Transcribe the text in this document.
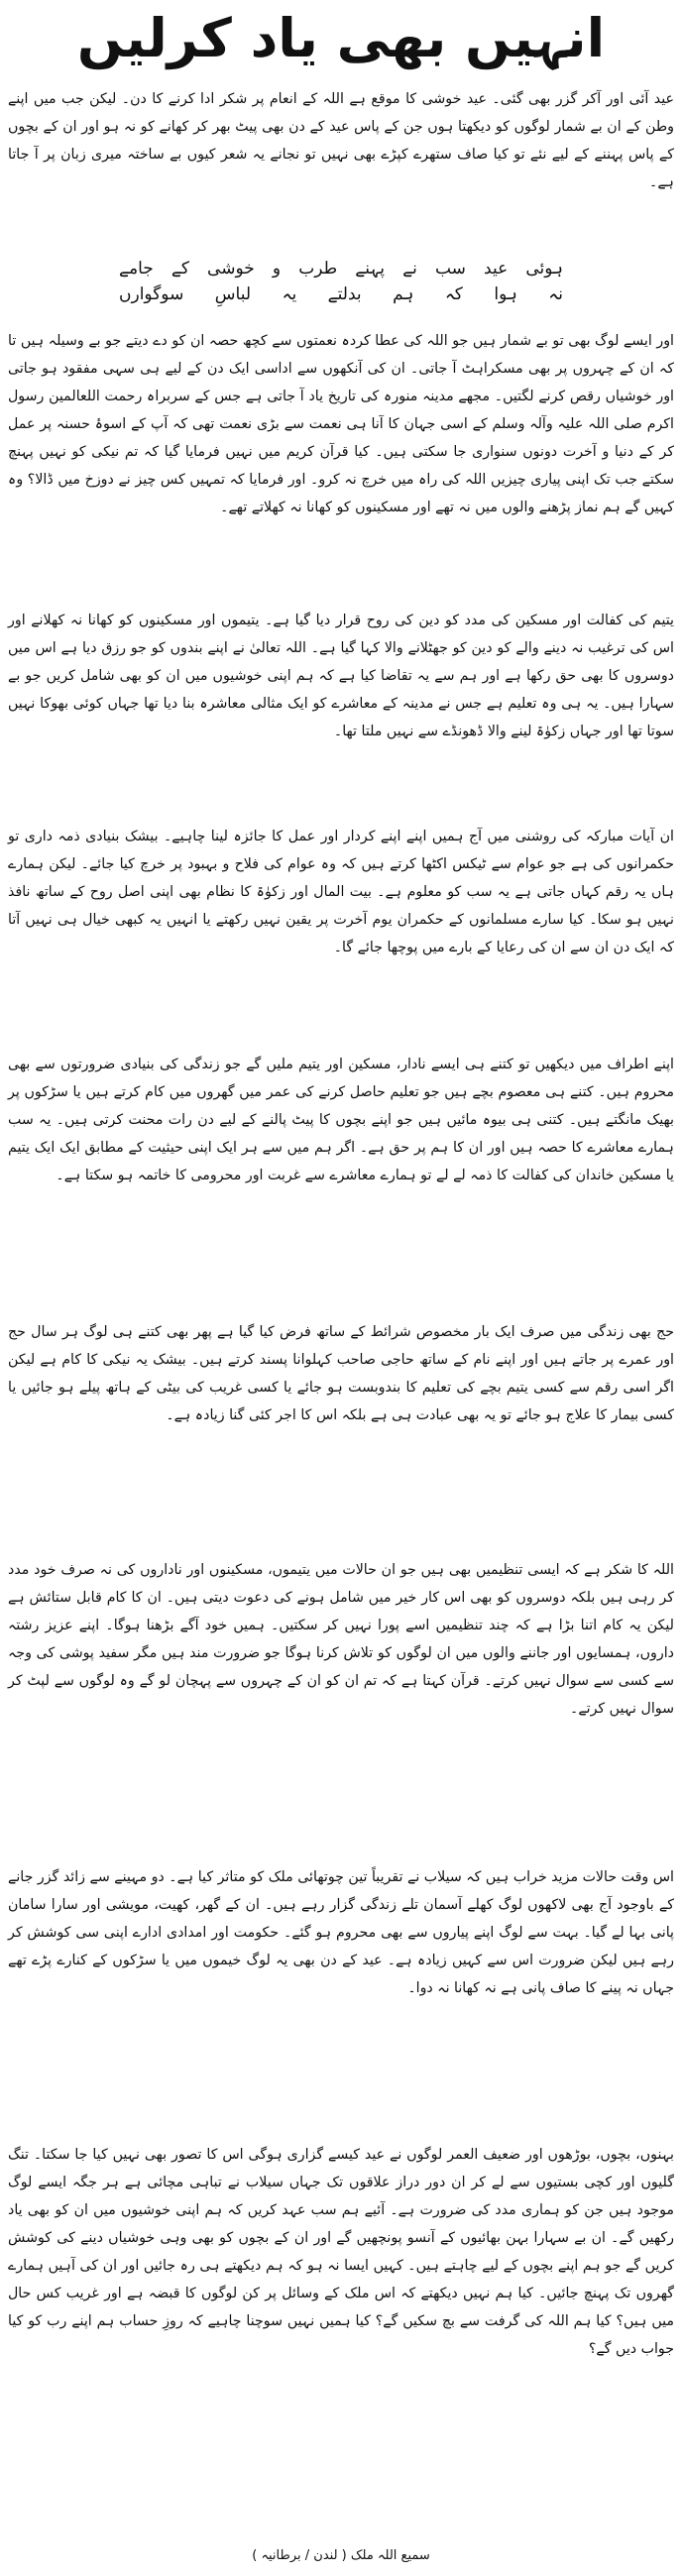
انہیں بھی یاد کرلیں

عید آئی اور آکر گزر بھی گئی۔ عید خوشی کا موقع ہے اللہ کے انعام پر شکر ادا کرنے کا دن۔ لیکن جب میں اپنے وطن کے ان بے شمار لوگوں کو دیکھتا ہوں جن کے پاس عید کے دن بھی پیٹ بھر کر کھانے کو نہ ہو اور ان کے بچوں کے پاس پہننے کے لیے نئے تو کیا صاف ستھرے کپڑے بھی نہیں تو نجانے یہ شعر کیوں بے ساختہ میری زبان پر آ جاتا ہے۔

ہوئی عید سب نے پہنے طرب و خوشی کے جامے
نہ ہوا کہ ہم بدلتے یہ لباسِ سوگوارں

اور ایسے لوگ بھی تو بے شمار ہیں جو اللہ کی عطا کردہ نعمتوں سے کچھ حصہ ان کو دے دیتے جو بے وسیلہ ہیں تا کہ ان کے چہروں پر بھی مسکراہٹ آ جاتی۔ ان کی آنکھوں سے اداسی ایک دن کے لیے ہی سہی مفقود ہو جاتی اور خوشیاں رقص کرنے لگتیں۔ مجھے مدینہ منورہ کی تاریخ یاد آ جاتی ہے جس کے سربراہ رحمت اللعالمین رسول اکرم صلی اللہ علیہ وآلہ وسلم کے اسی جہان کا آنا ہی نعمت سے بڑی نعمت تھی کہ آپ کے اسوۂ حسنہ پر عمل کر کے دنیا و آخرت دونوں سنواری جا سکتی ہیں۔ کیا قرآن کریم میں نہیں فرمایا گیا کہ تم نیکی کو نہیں پہنچ سکتے جب تک اپنی پیاری چیزیں اللہ کی راہ میں خرچ نہ کرو۔ اور فرمایا کہ تمہیں کس چیز نے دوزخ میں ڈالا؟ وہ کہیں گے ہم نماز پڑھنے والوں میں نہ تھے اور مسکینوں کو کھانا نہ کھلاتے تھے۔

یتیم کی کفالت اور مسکین کی مدد کو دین کی روح قرار دیا گیا ہے۔ یتیموں اور مسکینوں کو کھانا نہ کھلانے اور اس کی ترغیب نہ دینے والے کو دین کو جھٹلانے والا کہا گیا ہے۔ اللہ تعالیٰ نے اپنے بندوں کو جو رزق دیا ہے اس میں دوسروں کا بھی حق رکھا ہے اور ہم سے یہ تقاضا کیا ہے کہ ہم اپنی خوشیوں میں ان کو بھی شامل کریں جو بے سہارا ہیں۔ یہ ہی وہ تعلیم ہے جس نے مدینہ کے معاشرے کو ایک مثالی معاشرہ بنا دیا تھا جہاں کوئی بھوکا نہیں سوتا تھا اور جہاں زکوٰۃ لینے والا ڈھونڈے سے نہیں ملتا تھا۔

ان آیات مبارکہ کی روشنی میں آج ہمیں اپنے اپنے کردار اور عمل کا جائزہ لینا چاہیے۔ بیشک بنیادی ذمہ داری تو حکمرانوں کی ہے جو عوام سے ٹیکس اکٹھا کرتے ہیں کہ وہ عوام کی فلاح و بہبود پر خرچ کیا جائے۔ لیکن ہمارے ہاں یہ رقم کہاں جاتی ہے یہ سب کو معلوم ہے۔ بیت المال اور زکوٰۃ کا نظام بھی اپنی اصل روح کے ساتھ نافذ نہیں ہو سکا۔ کیا سارے مسلمانوں کے حکمران یوم آخرت پر یقین نہیں رکھتے یا انہیں یہ کبھی خیال ہی نہیں آتا کہ ایک دن ان سے ان کی رعایا کے بارے میں پوچھا جائے گا۔

اپنے اطراف میں دیکھیں تو کتنے ہی ایسے نادار، مسکین اور یتیم ملیں گے جو زندگی کی بنیادی ضرورتوں سے بھی محروم ہیں۔ کتنے ہی معصوم بچے ہیں جو تعلیم حاصل کرنے کی عمر میں گھروں میں کام کرتے ہیں یا سڑکوں پر بھیک مانگتے ہیں۔ کتنی ہی بیوہ مائیں ہیں جو اپنے بچوں کا پیٹ پالنے کے لیے دن رات محنت کرتی ہیں۔ یہ سب ہمارے معاشرے کا حصہ ہیں اور ان کا ہم پر حق ہے۔ اگر ہم میں سے ہر ایک اپنی حیثیت کے مطابق ایک ایک یتیم یا مسکین خاندان کی کفالت کا ذمہ لے لے تو ہمارے معاشرے سے غربت اور محرومی کا خاتمہ ہو سکتا ہے۔

حج بھی زندگی میں صرف ایک بار مخصوص شرائط کے ساتھ فرض کیا گیا ہے پھر بھی کتنے ہی لوگ ہر سال حج اور عمرے پر جاتے ہیں اور اپنے نام کے ساتھ حاجی صاحب کہلوانا پسند کرتے ہیں۔ بیشک یہ نیکی کا کام ہے لیکن اگر اسی رقم سے کسی یتیم بچے کی تعلیم کا بندوبست ہو جائے یا کسی غریب کی بیٹی کے ہاتھ پیلے ہو جائیں یا کسی بیمار کا علاج ہو جائے تو یہ بھی عبادت ہی ہے بلکہ اس کا اجر کئی گنا زیادہ ہے۔

اللہ کا شکر ہے کہ ایسی تنظیمیں بھی ہیں جو ان حالات میں یتیموں، مسکینوں اور ناداروں کی نہ صرف خود مدد کر رہی ہیں بلکہ دوسروں کو بھی اس کار خیر میں شامل ہونے کی دعوت دیتی ہیں۔ ان کا کام قابل ستائش ہے لیکن یہ کام اتنا بڑا ہے کہ چند تنظیمیں اسے پورا نہیں کر سکتیں۔ ہمیں خود آگے بڑھنا ہوگا۔ اپنے عزیز رشتہ داروں، ہمسایوں اور جاننے والوں میں ان لوگوں کو تلاش کرنا ہوگا جو ضرورت مند ہیں مگر سفید پوشی کی وجہ سے کسی سے سوال نہیں کرتے۔ قرآن کہتا ہے کہ تم ان کو ان کے چہروں سے پہچان لو گے وہ لوگوں سے لپٹ کر سوال نہیں کرتے۔

اس وقت حالات مزید خراب ہیں کہ سیلاب نے تقریباً تین چوتھائی ملک کو متاثر کیا ہے۔ دو مہینے سے زائد گزر جانے کے باوجود آج بھی لاکھوں لوگ کھلے آسمان تلے زندگی گزار رہے ہیں۔ ان کے گھر، کھیت، مویشی اور سارا سامان پانی بہا لے گیا۔ بہت سے لوگ اپنے پیاروں سے بھی محروم ہو گئے۔ حکومت اور امدادی ادارے اپنی سی کوشش کر رہے ہیں لیکن ضرورت اس سے کہیں زیادہ ہے۔ عید کے دن بھی یہ لوگ خیموں میں یا سڑکوں کے کنارے پڑے تھے جہاں نہ پینے کا صاف پانی ہے نہ کھانا نہ دوا۔

بہنوں، بچوں، بوڑھوں اور ضعیف العمر لوگوں نے عید کیسے گزاری ہوگی اس کا تصور بھی نہیں کیا جا سکتا۔ تنگ گلیوں اور کچی بستیوں سے لے کر ان دور دراز علاقوں تک جہاں سیلاب نے تباہی مچائی ہے ہر جگہ ایسے لوگ موجود ہیں جن کو ہماری مدد کی ضرورت ہے۔ آئیے ہم سب عہد کریں کہ ہم اپنی خوشیوں میں ان کو بھی یاد رکھیں گے۔ ان بے سہارا بہن بھائیوں کے آنسو پونچھیں گے اور ان کے بچوں کو بھی وہی خوشیاں دینے کی کوشش کریں گے جو ہم اپنے بچوں کے لیے چاہتے ہیں۔ کہیں ایسا نہ ہو کہ ہم دیکھتے ہی رہ جائیں اور ان کی آہیں ہمارے گھروں تک پہنچ جائیں۔ کیا ہم نہیں دیکھتے کہ اس ملک کے وسائل پر کن لوگوں کا قبضہ ہے اور غریب کس حال میں ہیں؟ کیا ہم اللہ کی گرفت سے بچ سکیں گے؟ کیا ہمیں نہیں سوچنا چاہیے کہ روزِ حساب ہم اپنے رب کو کیا جواب دیں گے؟

سمیع اللہ ملک ( لندن / برطانیہ )
